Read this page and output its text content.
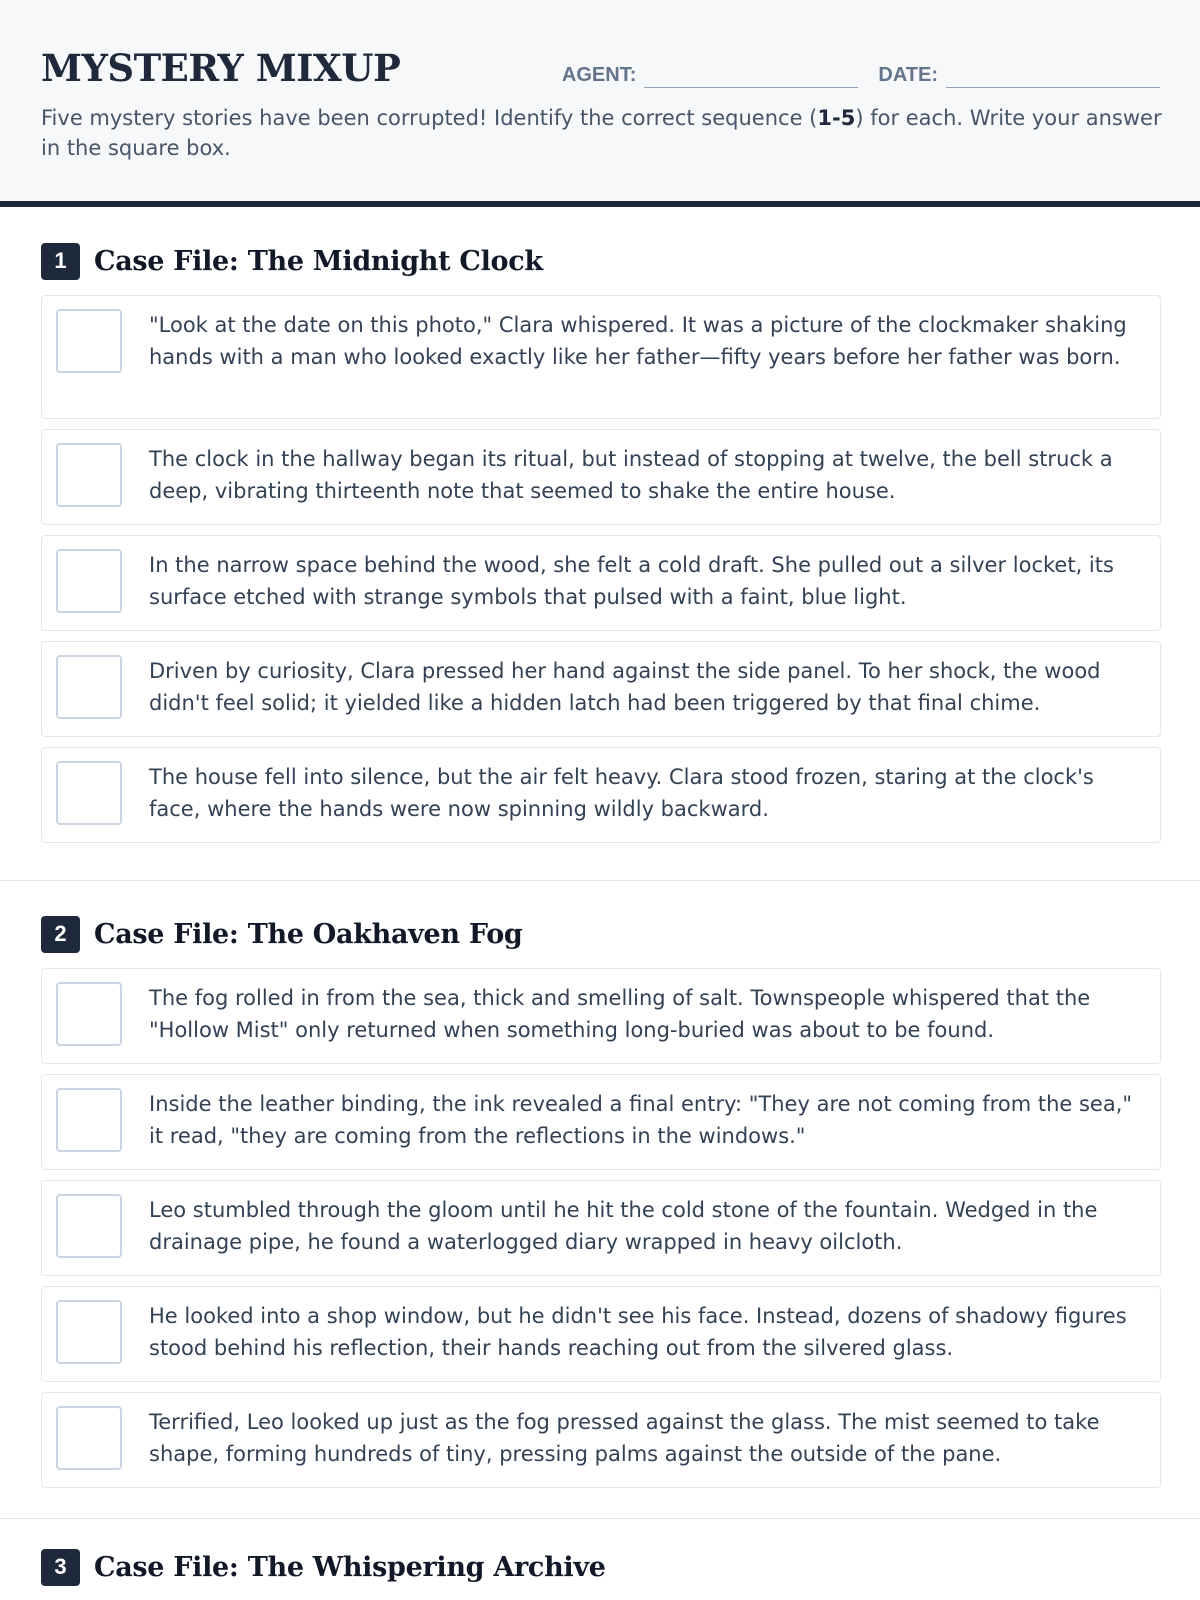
MYSTERY MIXUP	AGENT:	DATE:

Five mystery stories have been corrupted! Identify the correct sequence (1-5) for each. Write your answer in the square box.

1	Case File: The Midnight Clock
"Look at the date on this photo," Clara whispered. It was a picture of the clockmaker shaking hands with a man who looked exactly like her father—fifty years before her father was born.
The clock in the hallway began its ritual, but instead of stopping at twelve, the bell struck a deep, vibrating thirteenth note that seemed to shake the entire house.
In the narrow space behind the wood, she felt a cold draft. She pulled out a silver locket, its surface etched with strange symbols that pulsed with a faint, blue light.
Driven by curiosity, Clara pressed her hand against the side panel. To her shock, the wood didn't feel solid; it yielded like a hidden latch had been triggered by that final chime.
The house fell into silence, but the air felt heavy. Clara stood frozen, staring at the clock's face, where the hands were now spinning wildly backward.
2	Case File: The Oakhaven Fog
The fog rolled in from the sea, thick and smelling of salt. Townspeople whispered that the "Hollow Mist" only returned when something long-buried was about to be found.
Inside the leather binding, the ink revealed a final entry: "They are not coming from the sea," it read, "they are coming from the reflections in the windows."
Leo stumbled through the gloom until he hit the cold stone of the fountain. Wedged in the drainage pipe, he found a waterlogged diary wrapped in heavy oilcloth.
He looked into a shop window, but he didn't see his face. Instead, dozens of shadowy figures stood behind his reflection, their hands reaching out from the silvered glass.
Terrified, Leo looked up just as the fog pressed against the glass. The mist seemed to take shape, forming hundreds of tiny, pressing palms against the outside of the pane.
3	Case File: The Whispering Archive
